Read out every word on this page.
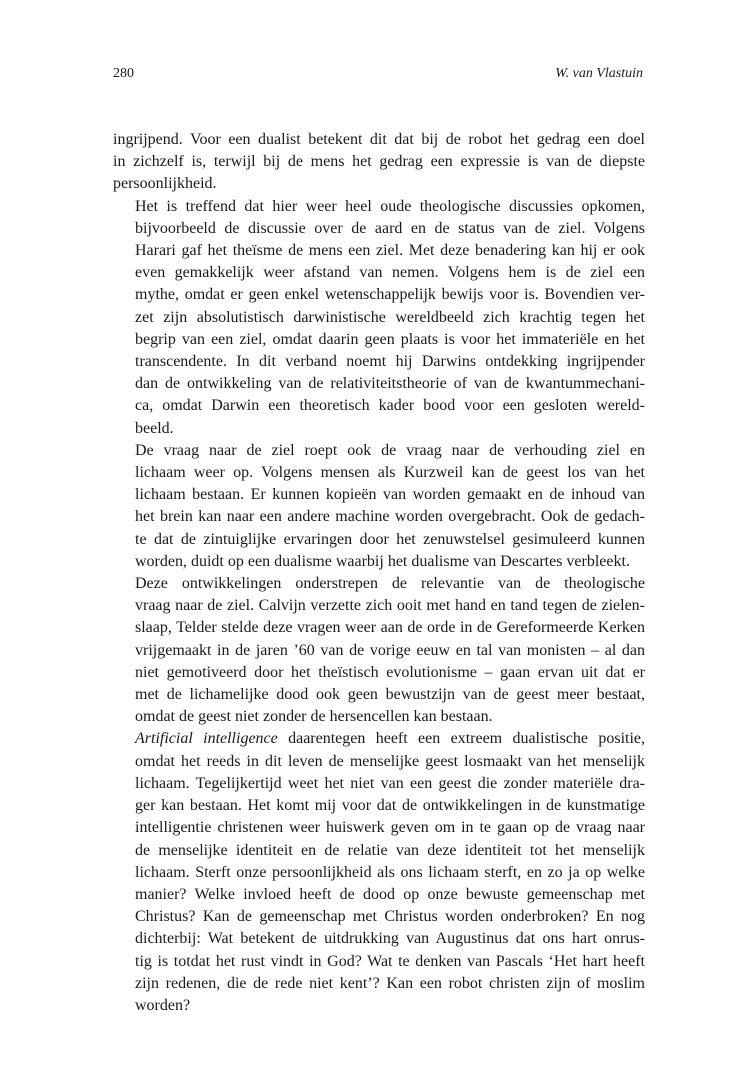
280	W. van Vlastuin

ingrijpend. Voor een dualist betekent dit dat bij de robot het gedrag een doel
in zichzelf is, terwijl bij de mens het gedrag een expressie is van de diepste
persoonlijkheid.

Het is treffend dat hier weer heel oude theologische discussies opkomen,
bijvoorbeeld de discussie over de aard en de status van de ziel. Volgens
Harari gaf het theïsme de mens een ziel. Met deze benadering kan hij er ook
even gemakkelijk weer afstand van nemen. Volgens hem is de ziel een
mythe, omdat er geen enkel wetenschappelijk bewijs voor is. Bovendien ver-
zet zijn absolutistisch darwinistische wereldbeeld zich krachtig tegen het
begrip van een ziel, omdat daarin geen plaats is voor het immateriële en het
transcendente. In dit verband noemt hij Darwins ontdekking ingrijpender
dan de ontwikkeling van de relativiteitstheorie of van de kwantummechani-
ca, omdat Darwin een theoretisch kader bood voor een gesloten wereld-
beeld.

De vraag naar de ziel roept ook de vraag naar de verhouding ziel en
lichaam weer op. Volgens mensen als Kurzweil kan de geest los van het
lichaam bestaan. Er kunnen kopieën van worden gemaakt en de inhoud van
het brein kan naar een andere machine worden overgebracht. Ook de gedach-
te dat de zintuiglijke ervaringen door het zenuwstelsel gesimuleerd kunnen
worden, duidt op een dualisme waarbij het dualisme van Descartes verbleekt.

Deze ontwikkelingen onderstrepen de relevantie van de theologische
vraag naar de ziel. Calvijn verzette zich ooit met hand en tand tegen de zielen-
slaap, Telder stelde deze vragen weer aan de orde in de Gereformeerde Kerken
vrijgemaakt in de jaren ’60 van de vorige eeuw en tal van monisten – al dan
niet gemotiveerd door het theïstisch evolutionisme – gaan ervan uit dat er
met de lichamelijke dood ook geen bewustzijn van de geest meer bestaat,
omdat de geest niet zonder de hersencellen kan bestaan.

Artificial intelligence daarentegen heeft een extreem dualistische positie,
omdat het reeds in dit leven de menselijke geest losmaakt van het menselijk
lichaam. Tegelijkertijd weet het niet van een geest die zonder materiële dra-
ger kan bestaan. Het komt mij voor dat de ontwikkelingen in de kunstmatige
intelligentie christenen weer huiswerk geven om in te gaan op de vraag naar
de menselijke identiteit en de relatie van deze identiteit tot het menselijk
lichaam. Sterft onze persoonlijkheid als ons lichaam sterft, en zo ja op welke
manier? Welke invloed heeft de dood op onze bewuste gemeenschap met
Christus? Kan de gemeenschap met Christus worden onderbroken? En nog
dichterbij: Wat betekent de uitdrukking van Augustinus dat ons hart onrus-
tig is totdat het rust vindt in God? Wat te denken van Pascals ‘Het hart heeft
zijn redenen, die de rede niet kent’? Kan een robot christen zijn of moslim
worden?
